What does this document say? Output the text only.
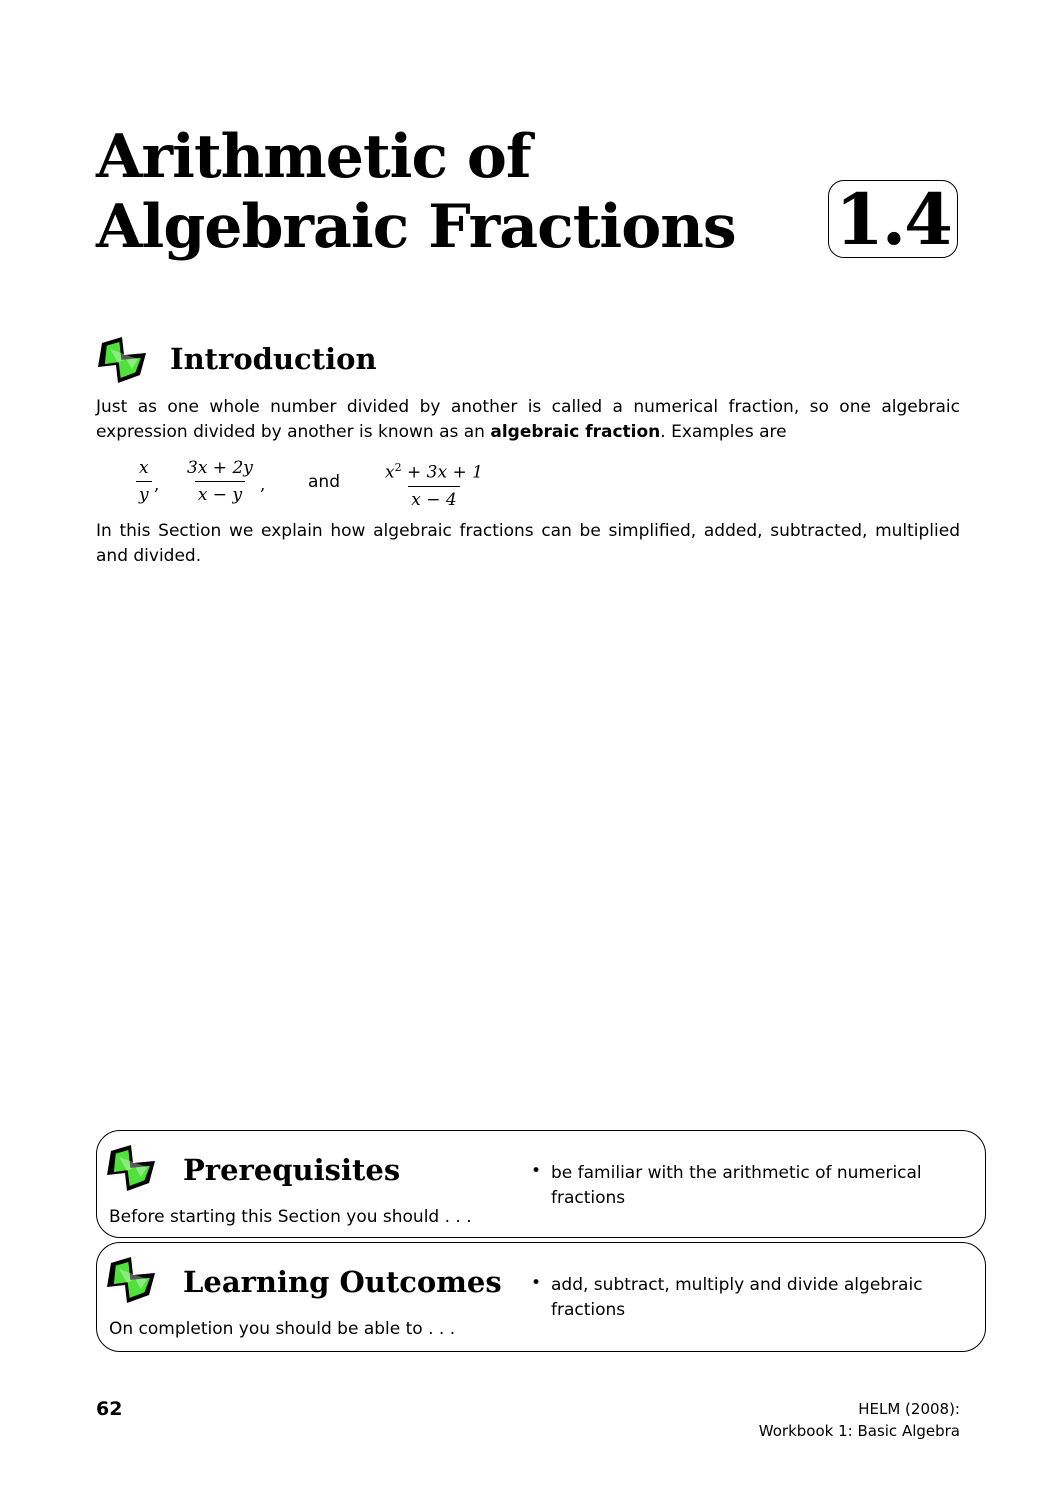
Arithmetic of
Algebraic Fractions 1.4
Introduction
Just as one whole number divided by another is called a numerical fraction, so one algebraic expression divided by another is known as an algebraic fraction. Examples are
$\frac{x}{y}$ , $\frac{3x + 2y}{x - y}$ ,	and $\frac{x^2 + 3x + 1}{x - 4}$
In this Section we explain how algebraic fractions can be simplified, added, subtracted, multiplied and divided.
Prerequisites
Before starting this Section you should . . .
• be familiar with the arithmetic of numerical fractions
Learning Outcomes
On completion you should be able to . . .
• add, subtract, multiply and divide algebraic fractions
62	HELM (2008):
Workbook 1: Basic Algebra
